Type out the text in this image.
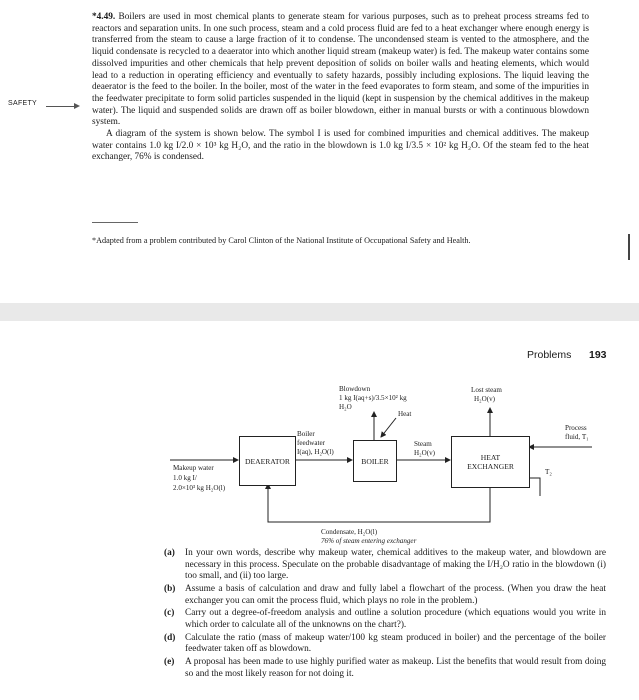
SAFETY

*4.49. Boilers are used in most chemical plants to generate steam for various purposes, such as to preheat process streams fed to reactors and separation units. In one such process, steam and a cold process fluid are fed to a heat exchanger where enough energy is transferred from the steam to cause a large fraction of it to condense. The uncondensed steam is vented to the atmosphere, and the liquid condensate is recycled to a deaerator into which another liquid stream (makeup water) is fed. The makeup water contains some dissolved impurities and other chemicals that help prevent deposition of solids on boiler walls and heating elements, which would lead to a reduction in operating efficiency and eventually to safety hazards, possibly including explosions. The liquid leaving the deaerator is the feed to the boiler. In the boiler, most of the water in the feed evaporates to form steam, and some of the impurities in the feedwater precipitate to form solid particles suspended in the liquid (kept in suspension by the chemical additives in the makeup water). The liquid and suspended solids are drawn off as boiler blowdown, either in manual bursts or with a continuous blowdown system.

A diagram of the system is shown below. The symbol I is used for combined impurities and chemical additives. The makeup water contains 1.0 kg I/2.0 × 10³ kg H₂O, and the ratio in the blowdown is 1.0 kg I/3.5 × 10² kg H₂O. Of the steam fed to the heat exchanger, 76% is condensed.

*Adapted from a problem contributed by Carol Clinton of the National Institute of Occupational Safety and Health.
Problems 193
DEAERATOR	BOILER	HEAT EXCHANGER
Blowdown
1 kg I(aq+s)/3.5×10² kg
H₂O
Heat
Lost steam
H₂O(v)
Boiler
feedwater
I(aq), H₂O(l)
Steam
H₂O(v)
Process
fluid, T₁
T₂
Makeup water
1.0 kg I/
2.0×10³ kg H₂O(l)
Condensate, H₂O(l)
76% of steam entering exchanger
(a) In your own words, describe why makeup water, chemical additives to the makeup water, and blowdown are necessary in this process. Speculate on the probable disadvantage of making the I/H₂O ratio in the blowdown (i) too small, and (ii) too large.
(b) Assume a basis of calculation and draw and fully label a flowchart of the process. (When you draw the heat exchanger you can omit the process fluid, which plays no role in the problem.)
(c) Carry out a degree-of-freedom analysis and outline a solution procedure (which equations would you write in which order to calculate all of the unknowns on the chart?).
(d) Calculate the ratio (mass of makeup water/100 kg steam produced in boiler) and the percentage of the boiler feedwater taken off as blowdown.
(e) A proposal has been made to use highly purified water as makeup. List the benefits that would result from doing so and the most likely reason for not doing it.
